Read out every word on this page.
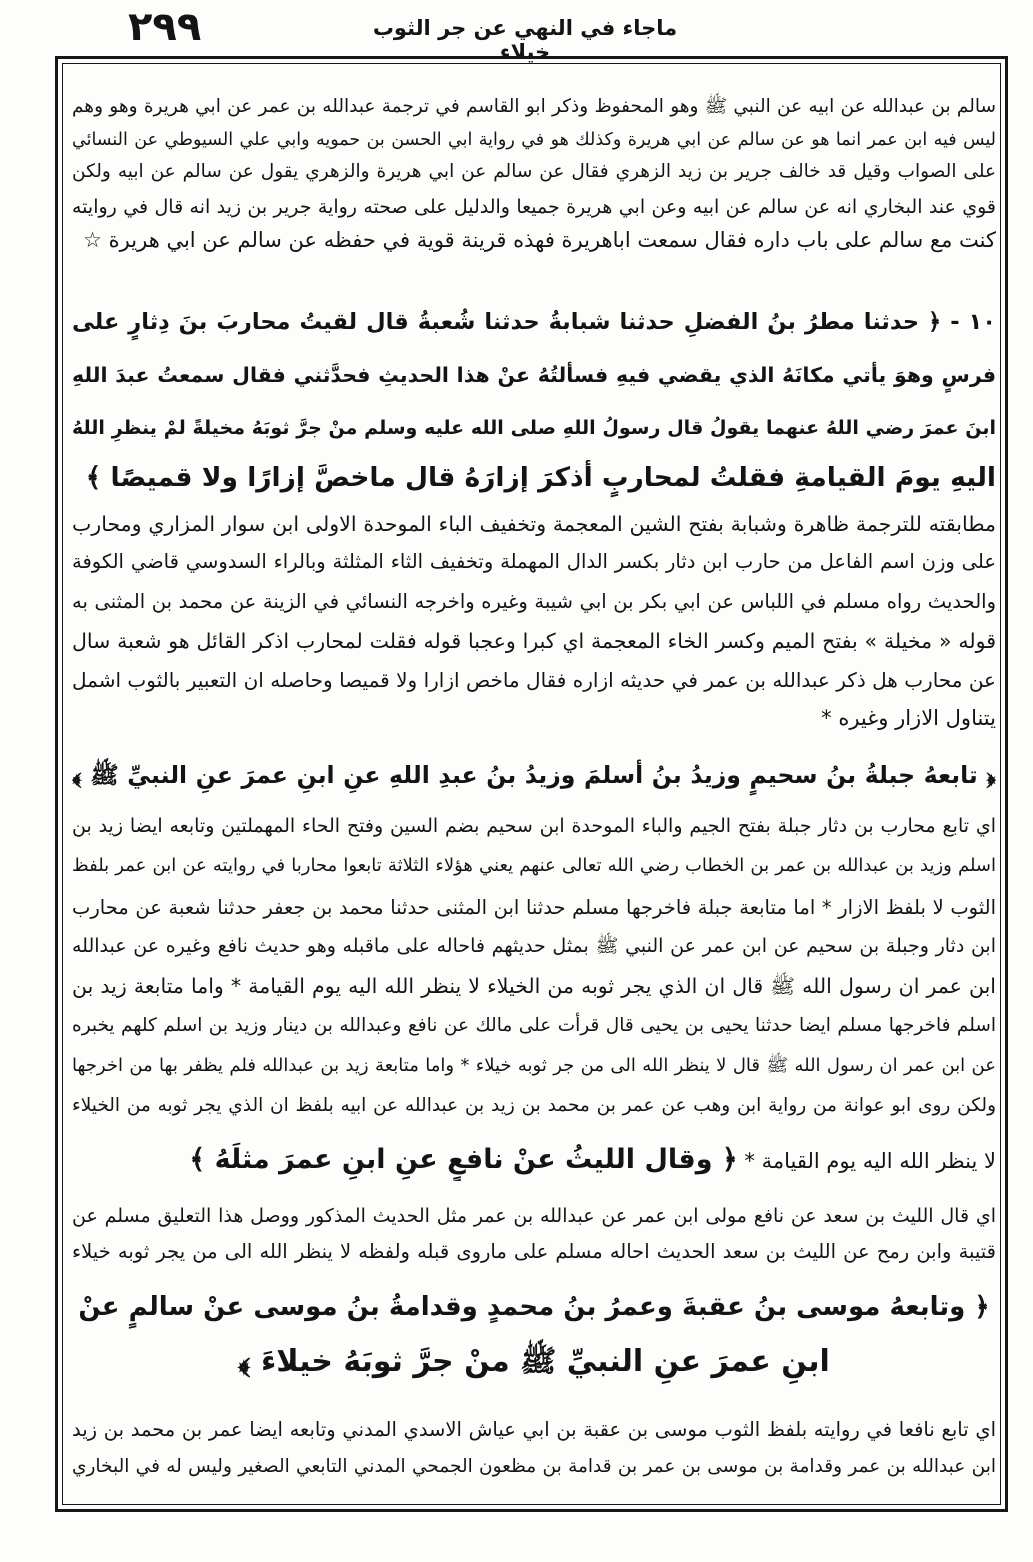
٢٩٩	ماجاء في النهي عن جر الثوب خيلاء
سالم بن عبدالله عن ابيه عن النبي ﷺ وهو المحفوظ وذكر ابو القاسم في ترجمة عبدالله بن عمر عن ابي هريرة وهو وهم
ليس فيه ابن عمر انما هو عن سالم عن ابي هريرة وكذلك هو في رواية ابي الحسن بن حمويه وابي علي السيوطي عن النسائي
على الصواب وقيل قد خالف جرير بن زيد الزهري فقال عن سالم عن ابي هريرة والزهري يقول عن سالم عن ابيه ولكن
قوي عند البخاري انه عن سالم عن ابيه وعن ابي هريرة جميعا والدليل على صحته رواية جرير بن زيد انه قال في روايته
كنت مع سالم على باب داره فقال سمعت اباهريرة فهذه قرينة قوية في حفظه عن سالم عن ابي هريرة ☆
١٠ - ﴿ حدثنا مطرُ بنُ الفضلِ حدثنا شبابةُ حدثنا شُعبةُ قال لقيتُ محاربَ بنَ دِثارٍ على
فرسٍ وهوَ يأتي مكانَهُ الذي يقضي فيهِ فسألتُهُ عنْ هذا الحديثِ فحدَّثني فقال سمعتُ عبدَ اللهِ
ابنَ عمرَ رضي اللهُ عنهما يقولُ قال رسولُ اللهِ صلى الله عليه وسلم منْ جرَّ ثوبَهُ مخيلةً لمْ ينظرِ اللهُ
اليهِ يومَ القيامةِ فقلتُ لمحاربٍ أذكرَ إزارَهُ قال ماخصَّ إزارًا ولا قميصًا ﴾
مطابقته للترجمة ظاهرة وشبابة بفتح الشين المعجمة وتخفيف الباء الموحدة الاولى ابن سوار المزاري ومحارب
على وزن اسم الفاعل من حارب ابن دثار بكسر الدال المهملة وتخفيف الثاء المثلثة وبالراء السدوسي قاضي الكوفة
والحديث رواه مسلم في اللباس عن ابي بكر بن ابي شيبة وغيره واخرجه النسائي في الزينة عن محمد بن المثنى به
قوله « مخيلة » بفتح الميم وكسر الخاء المعجمة اي كبرا وعجبا قوله فقلت لمحارب اذكر القائل هو شعبة سال
عن محارب هل ذكر عبدالله بن عمر في حديثه ازاره فقال ماخص ازارا ولا قميصا وحاصله ان التعبير بالثوب اشمل
يتناول الازار وغيره *
﴿ تابعهُ جبلةُ بنُ سحيمٍ وزيدُ بنُ أسلمَ وزيدُ بنُ عبدِ اللهِ عنِ ابنِ عمرَ عنِ النبيِّ ﷺ ﴾
اي تابع محارب بن دثار جبلة بفتح الجيم والباء الموحدة ابن سحيم بضم السين وفتح الحاء المهملتين وتابعه ايضا زيد بن
اسلم وزيد بن عبدالله بن عمر بن الخطاب رضي الله تعالى عنهم يعني هؤلاء الثلاثة تابعوا محاربا في روايته عن ابن عمر بلفظ
الثوب لا بلفظ الازار * اما متابعة جبلة فاخرجها مسلم حدثنا ابن المثنى حدثنا محمد بن جعفر حدثنا شعبة عن محارب
ابن دثار وجبلة بن سحيم عن ابن عمر عن النبي ﷺ بمثل حديثهم فاحاله على ماقبله وهو حديث نافع وغيره عن عبدالله
ابن عمر ان رسول الله ﷺ قال ان الذي يجر ثوبه من الخيلاء لا ينظر الله اليه يوم القيامة * واما متابعة زيد بن
اسلم فاخرجها مسلم ايضا حدثنا يحيى بن يحيى قال قرأت على مالك عن نافع وعبدالله بن دينار وزيد بن اسلم كلهم يخبره
عن ابن عمر ان رسول الله ﷺ قال لا ينظر الله الى من جر ثوبه خيلاء * واما متابعة زيد بن عبدالله فلم يظفر بها من اخرجها
ولكن روى ابو عوانة من رواية ابن وهب عن عمر بن محمد بن زيد بن عبدالله عن ابيه بلفظ ان الذي يجر ثوبه من الخيلاء
لا ينظر الله اليه يوم القيامة * ﴿ وقال الليثُ عنْ نافعٍ عنِ ابنِ عمرَ مثلَهُ ﴾
اي قال الليث بن سعد عن نافع مولى ابن عمر عن عبدالله بن عمر مثل الحديث المذكور ووصل هذا التعليق مسلم عن
قتيبة وابن رمح عن الليث بن سعد الحديث احاله مسلم على ماروى قبله ولفظه لا ينظر الله الى من يجر ثوبه خيلاء
﴿ وتابعهُ موسى بنُ عقبةَ وعمرُ بنُ محمدٍ وقدامةُ بنُ موسى عنْ سالمٍ عنْ
ابنِ عمرَ عنِ النبيِّ ﷺ منْ جرَّ ثوبَهُ خيلاءَ ﴾
اي تابع نافعا في روايته بلفظ الثوب موسى بن عقبة بن ابي عياش الاسدي المدني وتابعه ايضا عمر بن محمد بن زيد
ابن عبدالله بن عمر وقدامة بن موسى بن عمر بن قدامة بن مظعون الجمحي المدني التابعي الصغير وليس له في البخاري
